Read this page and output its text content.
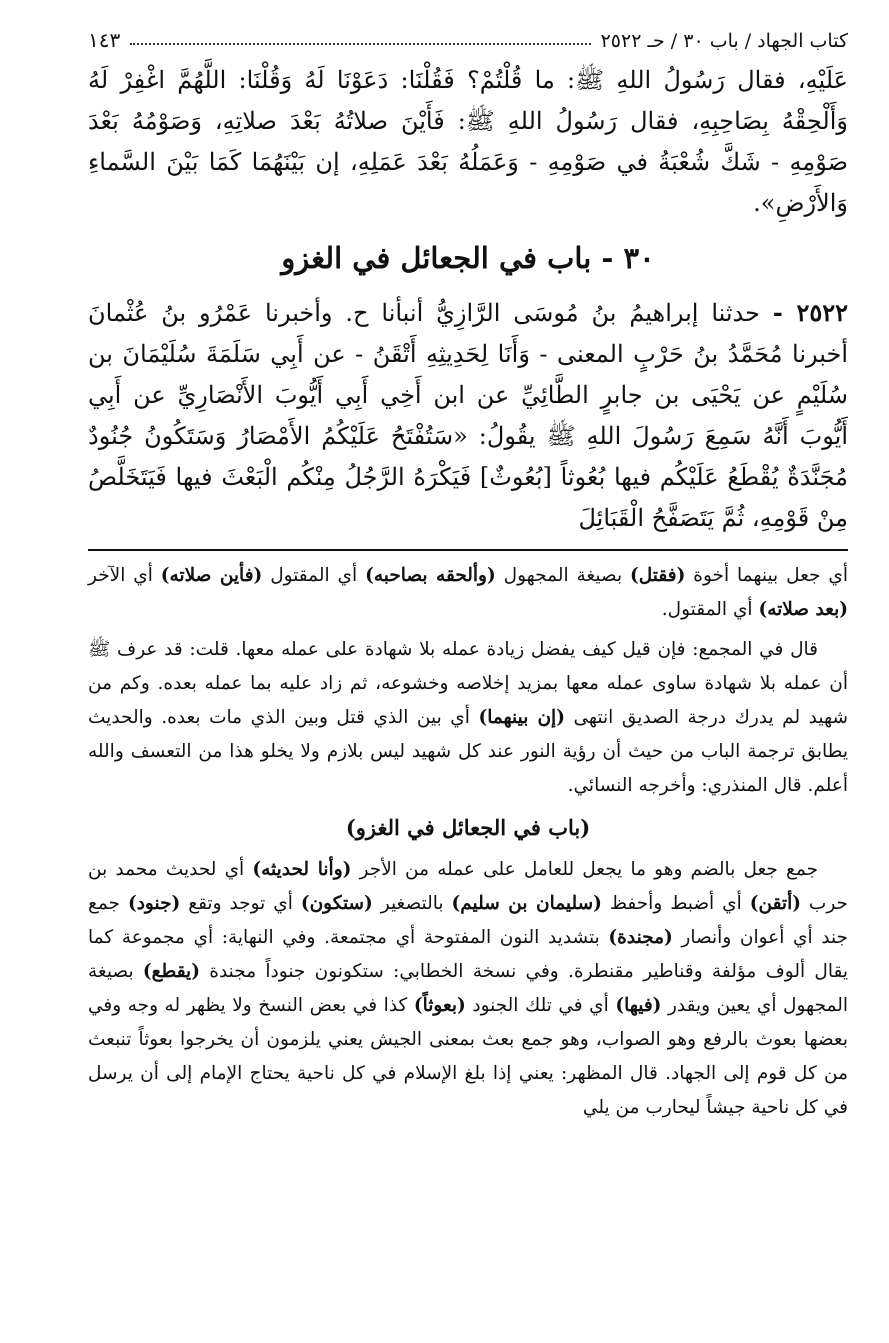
كتاب الجهاد / باب ٣٠ / حـ ٢٥٢٢
١٤٣

عَلَيْهِ، فقال رَسُولُ اللهِ ﷺ: ما قُلْتُمْ؟ فَقُلْنَا: دَعَوْنَا لَهُ وَقُلْنَا: اللَّهُمَّ اغْفِرْ لَهُ وَأَلْحِقْهُ بِصَاحِبِهِ، فقال رَسُولُ اللهِ ﷺ: فَأَيْنَ صلاتُهُ بَعْدَ صلاتِهِ، وَصَوْمُهُ بَعْدَ صَوْمِهِ - شَكَّ شُعْبَةُ في صَوْمِهِ - وَعَمَلُهُ بَعْدَ عَمَلِهِ، إن بَيْنَهُمَا كَمَا بَيْنَ السَّماءِ وَالأَرْضِ».

٣٠ - باب في الجعائل في الغزو

٢٥٢٢ - حدثنا إبراهيمُ بنُ مُوسَى الرَّازِيُّ أنبأنا ح. وأخبرنا عَمْرُو بنُ عُثْمانَ أخبرنا مُحَمَّدُ بنُ حَرْبٍ المعنى - وَأَنَا لِحَدِيثِهِ أَتْقَنُ - عن أَبِي سَلَمَةَ سُلَيْمَانَ بن سُلَيْمٍ عن يَحْيَى بن جابرٍ الطَّائِيِّ عن ابن أَخِي أَبِي أَيُّوبَ الأَنْصَارِيِّ عن أَبِي أَيُّوبَ أَنَّهُ سَمِعَ رَسُولَ اللهِ ﷺ يقُولُ: «سَتُفْتَحُ عَلَيْكُمُ الأَمْصَارُ وَسَتَكُونُ جُنُودٌ مُجَنَّدَةٌ يُقْطَعُ عَلَيْكُم فيها بُعُوثاً [بُعُوثٌ] فَيَكْرَهُ الرَّجُلُ مِنْكُم الْبَعْثَ فيها فَيَتَخَلَّصُ مِنْ قَوْمِهِ، ثُمَّ يَتَصَفَّحُ الْقَبَائِلَ

أي جعل بينهما أخوة (فقتل) بصيغة المجهول (وألحقه بصاحبه) أي المقتول (فأين صلاته) أي الآخر (بعد صلاته) أي المقتول.

قال في المجمع: فإن قيل كيف يفضل زيادة عمله بلا شهادة على عمله معها. قلت: قد عرف ﷺ أن عمله بلا شهادة ساوى عمله معها بمزيد إخلاصه وخشوعه، ثم زاد عليه بما عمله بعده. وكم من شهيد لم يدرك درجة الصديق انتهى (إن بينهما) أي بين الذي قتل وبين الذي مات بعده. والحديث يطابق ترجمة الباب من حيث أن رؤية النور عند كل شهيد ليس بلازم ولا يخلو هذا من التعسف والله أعلم. قال المنذري: وأخرجه النسائي.

(باب في الجعائل في الغزو)

جمع جعل بالضم وهو ما يجعل للعامل على عمله من الأجر (وأنا لحديثه) أي لحديث محمد بن حرب (أتقن) أي أضبط وأحفظ (سليمان بن سليم) بالتصغير (ستكون) أي توجد وتقع (جنود) جمع جند أي أعوان وأنصار (مجندة) بتشديد النون المفتوحة أي مجتمعة. وفي النهاية: أي مجموعة كما يقال ألوف مؤلفة وقناطير مقنطرة. وفي نسخة الخطابي: ستكونون جنوداً مجندة (يقطع) بصيغة المجهول أي يعين ويقدر (فيها) أي في تلك الجنود (بعوثاً) كذا في بعض النسخ ولا يظهر له وجه وفي بعضها بعوث بالرفع وهو الصواب، وهو جمع بعث بمعنى الجيش يعني يلزمون أن يخرجوا بعوثاً تنبعث من كل قوم إلى الجهاد. قال المظهر: يعني إذا بلغ الإسلام في كل ناحية يحتاج الإمام إلى أن يرسل في كل ناحية جيشاً ليحارب من يلي
